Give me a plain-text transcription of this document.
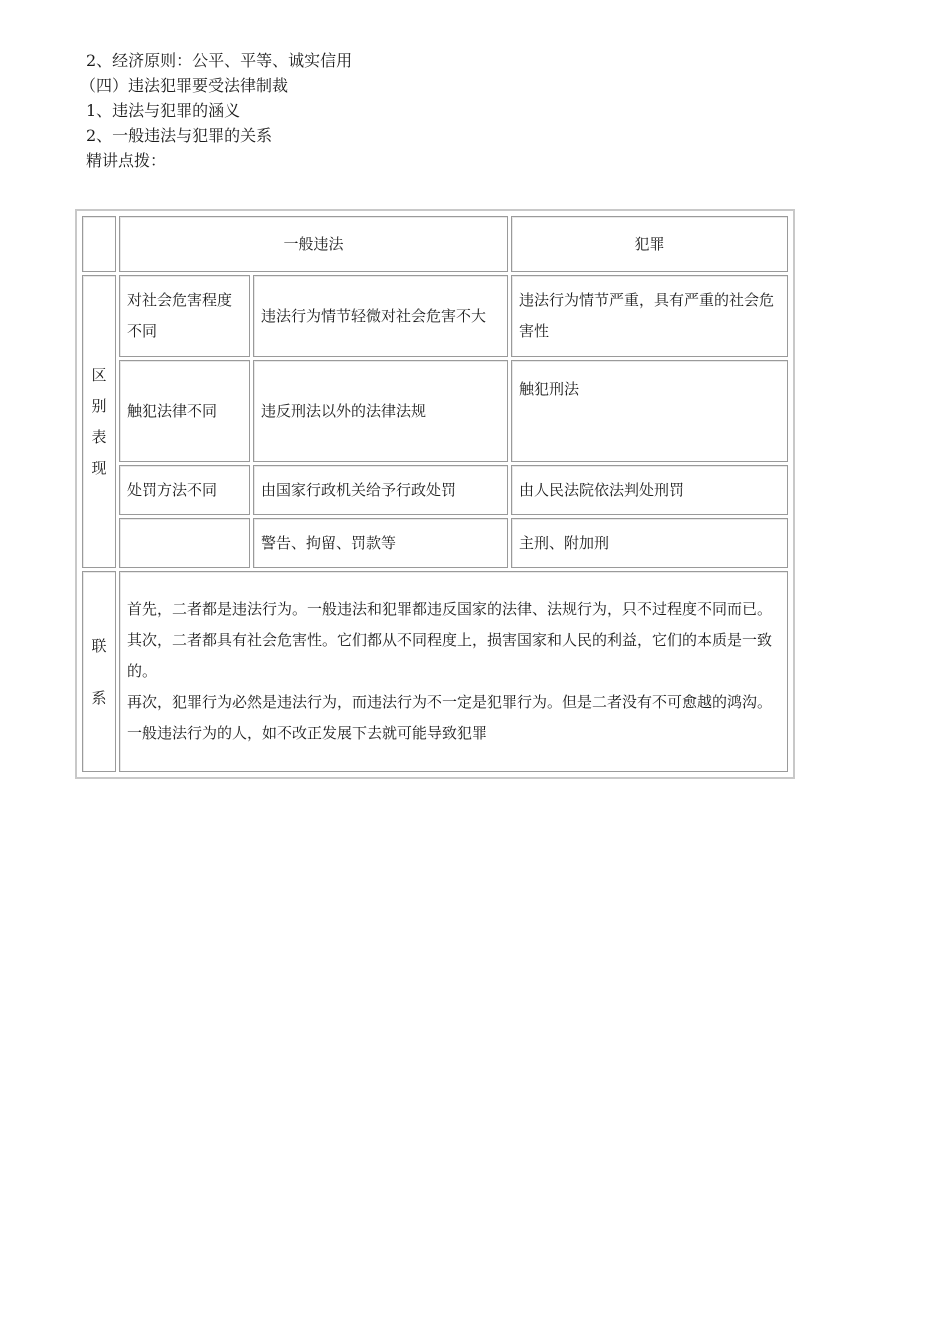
2、经济原则：公平、平等、诚实信用
（四）违法犯罪要受法律制裁
1、违法与犯罪的涵义
2、一般违法与犯罪的关系
精讲点拨：
	一般违法		犯罪
区别表现	对社会危害程度不同	违法行为情节轻微对社会危害不大	违法行为情节严重，具有严重的社会危害性
	触犯法律不同	违反刑法以外的法律法规	触犯刑法
	处罚方法不同	由国家行政机关给予行政处罚	由人民法院依法判处刑罚
		警告、拘留、罚款等	主刑、附加刑
联系	首先，二者都是违法行为。一般违法和犯罪都违反国家的法律、法规行为，只不过程度不同而已。
其次，二者都具有社会危害性。它们都从不同程度上，损害国家和人民的利益，它们的本质是一致的。
再次，犯罪行为必然是违法行为，而违法行为不一定是犯罪行为。但是二者没有不可愈越的鸿沟。一般违法行为的人，如不改正发展下去就可能导致犯罪		
